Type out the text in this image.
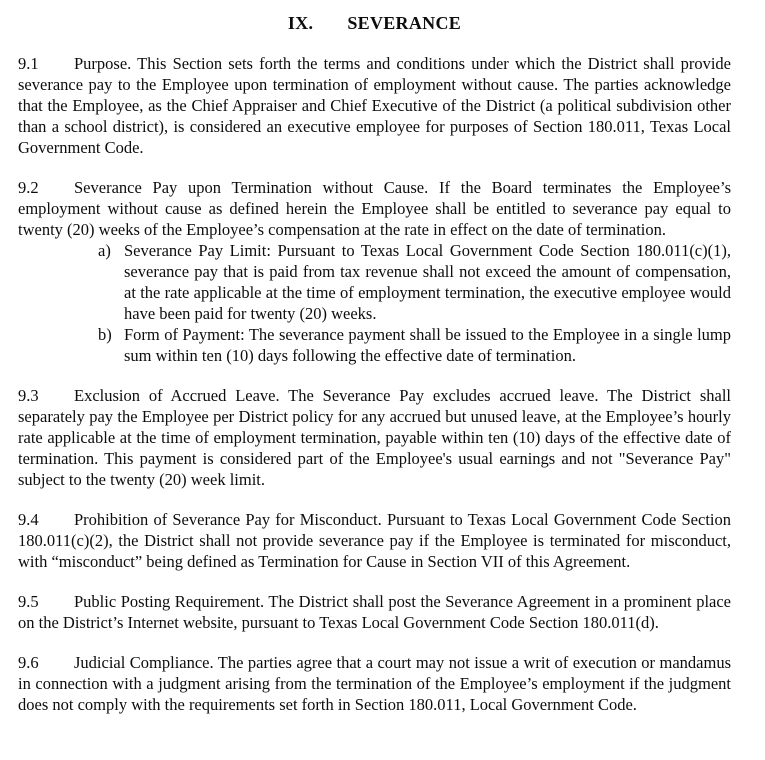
IX. SEVERANCE
9.1 Purpose. This Section sets forth the terms and conditions under which the District shall provide severance pay to the Employee upon termination of employment without cause. The parties acknowledge that the Employee, as the Chief Appraiser and Chief Executive of the District (a political subdivision other than a school district), is considered an executive employee for purposes of Section 180.011, Texas Local Government Code.
9.2 Severance Pay upon Termination without Cause. If the Board terminates the Employee’s employment without cause as defined herein the Employee shall be entitled to severance pay equal to twenty (20) weeks of the Employee’s compensation at the rate in effect on the date of termination.
a) Severance Pay Limit: Pursuant to Texas Local Government Code Section 180.011(c)(1), severance pay that is paid from tax revenue shall not exceed the amount of compensation, at the rate applicable at the time of employment termination, the executive employee would have been paid for twenty (20) weeks.
b) Form of Payment: The severance payment shall be issued to the Employee in a single lump sum within ten (10) days following the effective date of termination.
9.3 Exclusion of Accrued Leave. The Severance Pay excludes accrued leave. The District shall separately pay the Employee per District policy for any accrued but unused leave, at the Employee’s hourly rate applicable at the time of employment termination, payable within ten (10) days of the effective date of termination. This payment is considered part of the Employee's usual earnings and not "Severance Pay" subject to the twenty (20) week limit.
9.4 Prohibition of Severance Pay for Misconduct. Pursuant to Texas Local Government Code Section 180.011(c)(2), the District shall not provide severance pay if the Employee is terminated for misconduct, with “misconduct” being defined as Termination for Cause in Section VII of this Agreement.
9.5 Public Posting Requirement. The District shall post the Severance Agreement in a prominent place on the District’s Internet website, pursuant to Texas Local Government Code Section 180.011(d).
9.6 Judicial Compliance. The parties agree that a court may not issue a writ of execution or mandamus in connection with a judgment arising from the termination of the Employee’s employment if the judgment does not comply with the requirements set forth in Section 180.011, Local Government Code.
